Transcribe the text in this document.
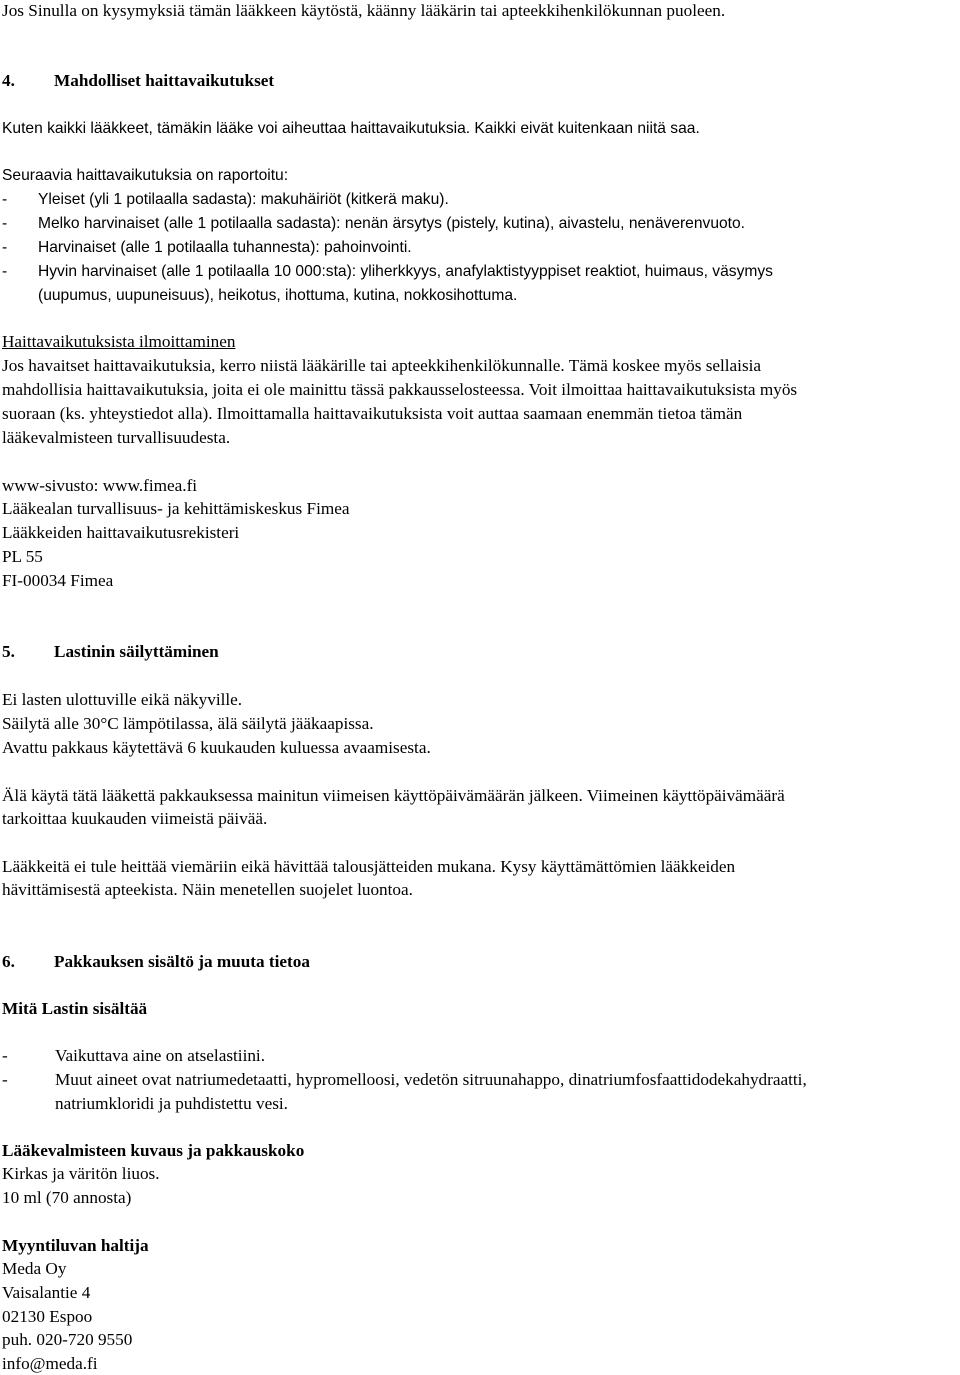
Jos Sinulla on kysymyksiä tämän lääkkeen käytöstä, käänny lääkärin tai apteekkihenkilökunnan puoleen.

4. Mahdolliset haittavaikutukset

Kuten kaikki lääkkeet, tämäkin lääke voi aiheuttaa haittavaikutuksia. Kaikki eivät kuitenkaan niitä saa.

Seuraavia haittavaikutuksia on raportoitu:

- Yleiset (yli 1 potilaalla sadasta): makuhäiriöt (kitkerä maku).
- Melko harvinaiset (alle 1 potilaalla sadasta): nenän ärsytys (pistely, kutina), aivastelu, nenäverenvuoto.
- Harvinaiset (alle 1 potilaalla tuhannesta): pahoinvointi.
- Hyvin harvinaiset (alle 1 potilaalla 10 000:sta): yliherkkyys, anafylaktistyyppiset reaktiot, huimaus, väsymys
(uupumus, uupuneisuus), heikotus, ihottuma, kutina, nokkosihottuma.

Haittavaikutuksista ilmoittaminen

Jos havaitset haittavaikutuksia, kerro niistä lääkärille tai apteekkihenkilökunnalle. Tämä koskee myös sellaisia

mahdollisia haittavaikutuksia, joita ei ole mainittu tässä pakkausselosteessa. Voit ilmoittaa haittavaikutuksista myös

suoraan (ks. yhteystiedot alla). Ilmoittamalla haittavaikutuksista voit auttaa saamaan enemmän tietoa tämän

lääkevalmisteen turvallisuudesta.

www-sivusto: www.fimea.fi

Lääkealan turvallisuus- ja kehittämiskeskus Fimea

Lääkkeiden haittavaikutusrekisteri

PL 55

FI-00034 Fimea

5. Lastinin säilyttäminen

Ei lasten ulottuville eikä näkyville.

Säilytä alle 30°C lämpötilassa, älä säilytä jääkaapissa.

Avattu pakkaus käytettävä 6 kuukauden kuluessa avaamisesta.

Älä käytä tätä lääkettä pakkauksessa mainitun viimeisen käyttöpäivämäärän jälkeen. Viimeinen käyttöpäivämäärä

tarkoittaa kuukauden viimeistä päivää.

Lääkkeitä ei tule heittää viemäriin eikä hävittää talousjätteiden mukana. Kysy käyttämättömien lääkkeiden

hävittämisestä apteekista. Näin menetellen suojelet luontoa.

6. Pakkauksen sisältö ja muuta tietoa

Mitä Lastin sisältää

-	Vaikuttava aine on atselastiini.
-	Muut aineet ovat natriumedetaatti, hypromelloosi, vedetön sitruunahappo, dinatriumfosfaattidodekahydraatti,
natriumkloridi ja puhdistettu vesi.

Lääkevalmisteen kuvaus ja pakkauskoko

Kirkas ja väritön liuos.

10 ml (70 annosta)

Myyntiluvan haltija

Meda Oy

Vaisalantie 4

02130 Espoo

puh. 020-720 9550

info@meda.fi
